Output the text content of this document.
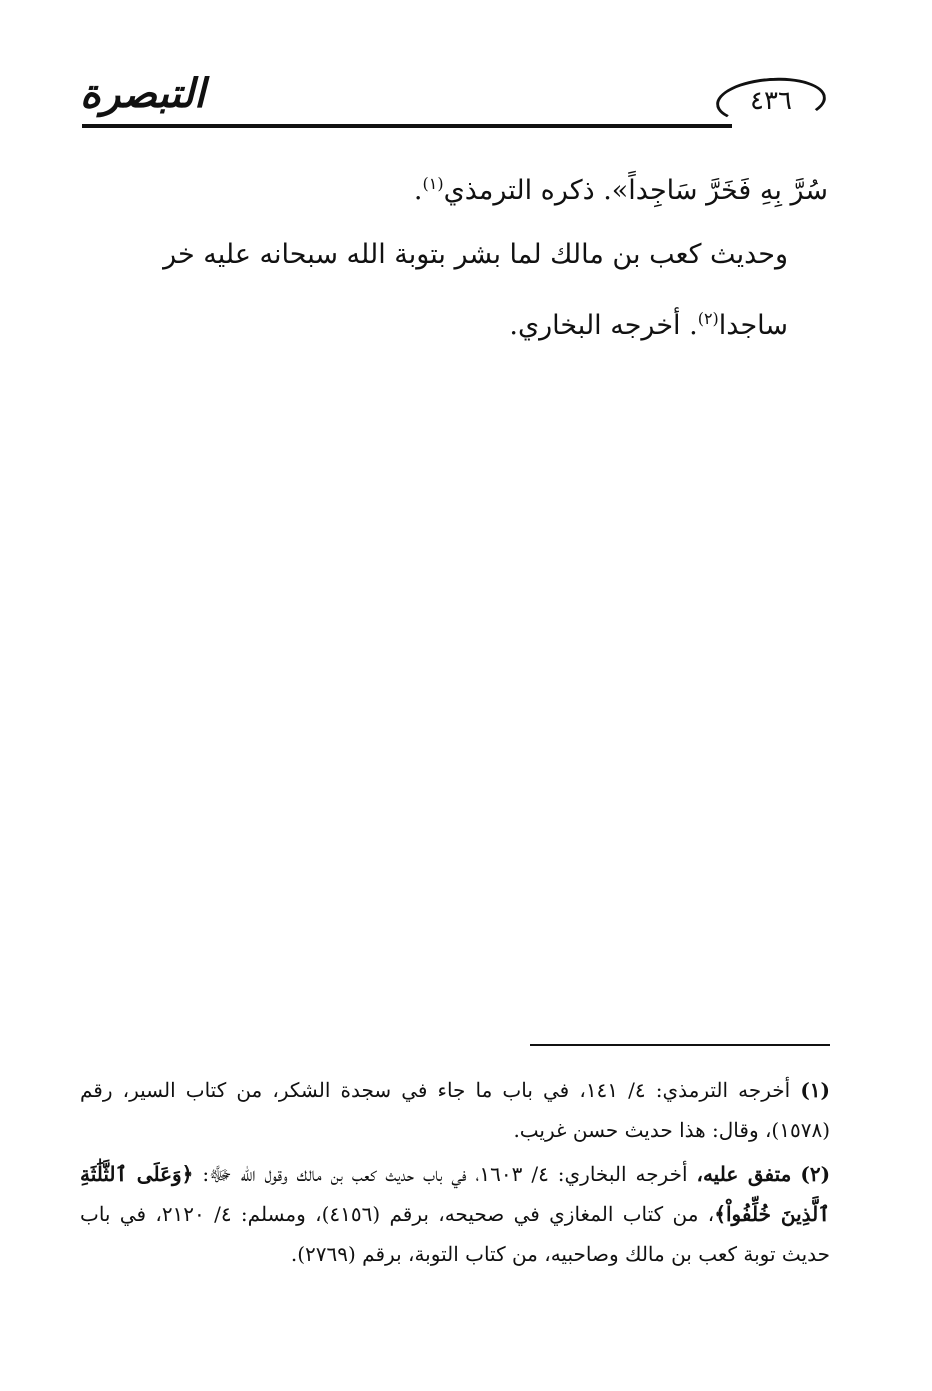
التبصرة	٤٣٦

سُرَّ بِهِ فَخَرَّ سَاجِداً». ذكره الترمذي$^{(١)}$.

وحديث كعب بن مالك لما بشر بتوبة الله سبحانه عليه خر ساجدا$^{(٢)}$. أخرجه البخاري.

(١) أخرجه الترمذي: ٤/ ١٤١، في باب ما جاء في سجدة الشكر، من كتاب السير، رقم (١٥٧٨)، وقال: هذا حديث حسن غريب.

(٢) متفق عليه، أخرجه البخاري: ٤/ ١٦٠٣، في باب حديث كعب بن مالك وقول الله ﷻ: ﴿وَعَلَى ٱلثَّلَٰثَةِ ٱلَّذِينَ خُلِّفُواْ﴾، من كتاب المغازي في صحيحه، برقم (٤١٥٦)، ومسلم: ٤/ ٢١٢٠، في باب حديث توبة كعب بن مالك وصاحبيه، من كتاب التوبة، برقم (٢٧٦٩).
